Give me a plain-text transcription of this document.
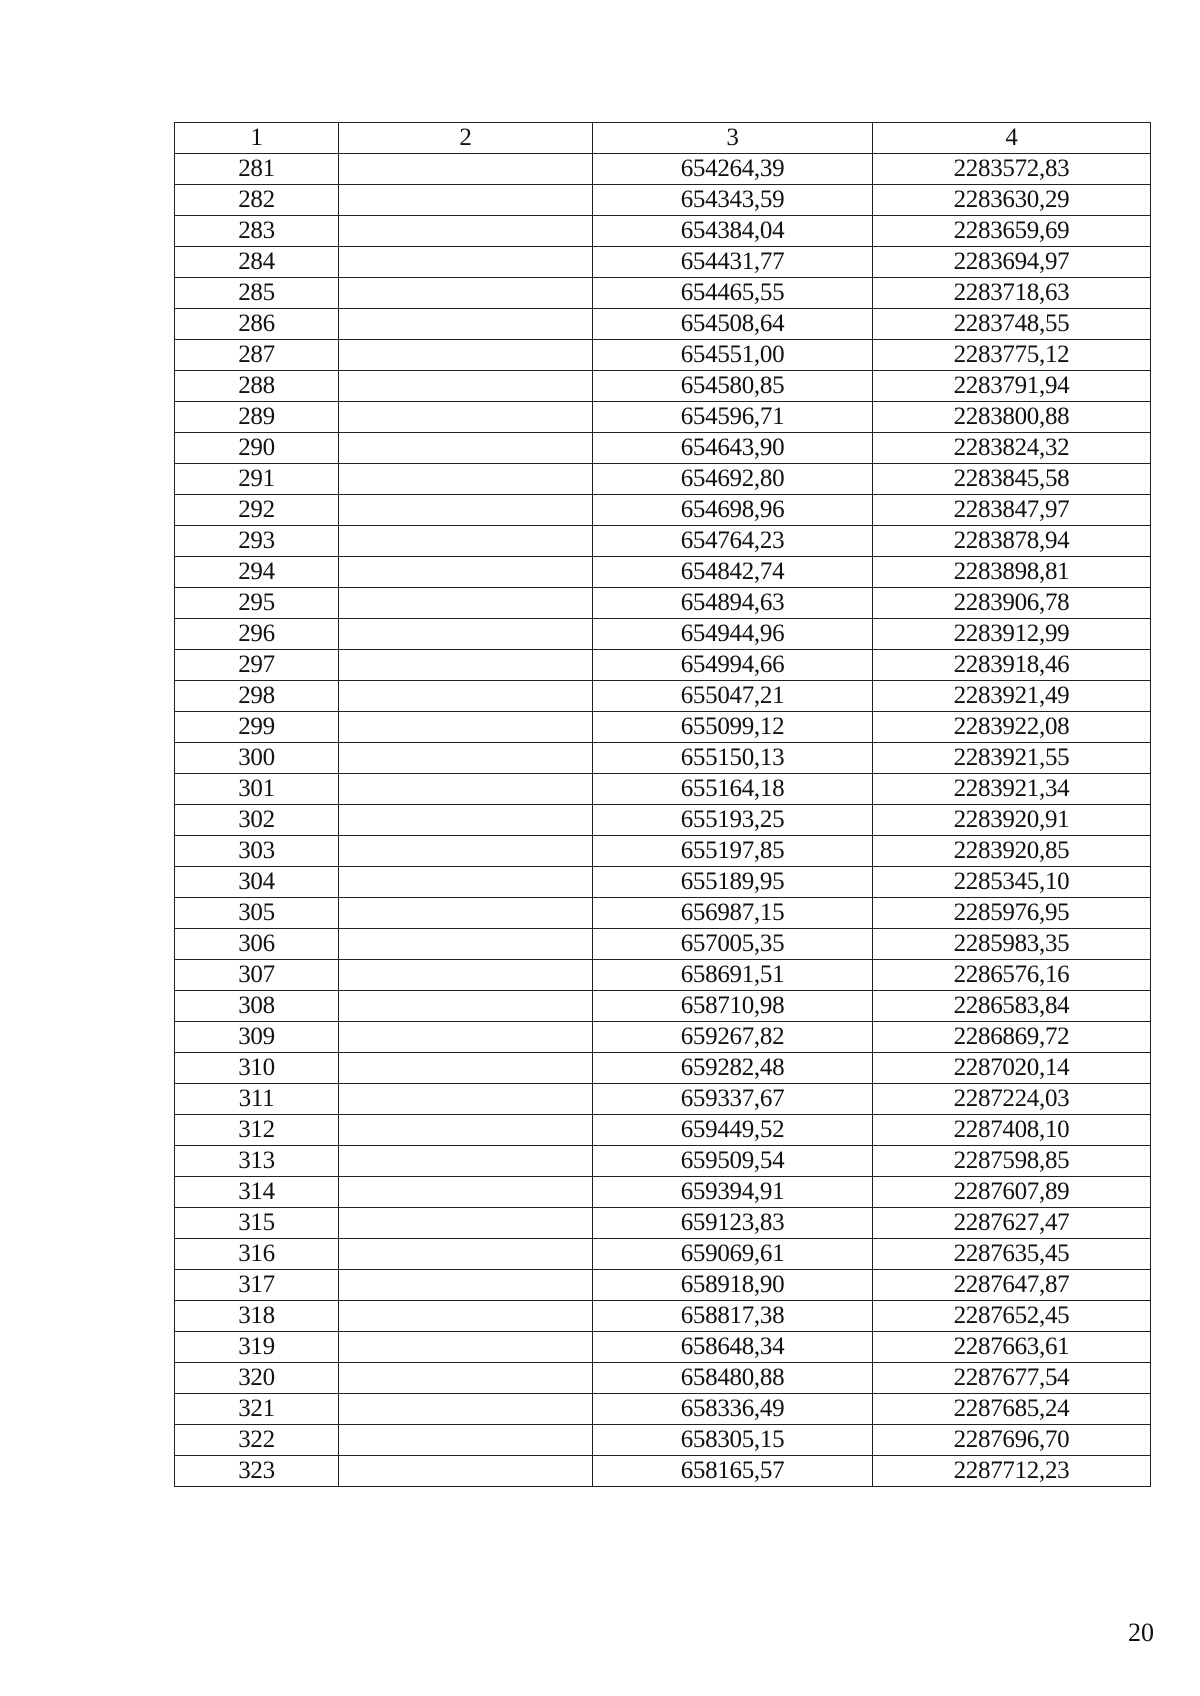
1	2	3	4
281		654264,39	2283572,83
282		654343,59	2283630,29
283		654384,04	2283659,69
284		654431,77	2283694,97
285		654465,55	2283718,63
286		654508,64	2283748,55
287		654551,00	2283775,12
288		654580,85	2283791,94
289		654596,71	2283800,88
290		654643,90	2283824,32
291		654692,80	2283845,58
292		654698,96	2283847,97
293		654764,23	2283878,94
294		654842,74	2283898,81
295		654894,63	2283906,78
296		654944,96	2283912,99
297		654994,66	2283918,46
298		655047,21	2283921,49
299		655099,12	2283922,08
300		655150,13	2283921,55
301		655164,18	2283921,34
302		655193,25	2283920,91
303		655197,85	2283920,85
304		655189,95	2285345,10
305		656987,15	2285976,95
306		657005,35	2285983,35
307		658691,51	2286576,16
308		658710,98	2286583,84
309		659267,82	2286869,72
310		659282,48	2287020,14
311		659337,67	2287224,03
312		659449,52	2287408,10
313		659509,54	2287598,85
314		659394,91	2287607,89
315		659123,83	2287627,47
316		659069,61	2287635,45
317		658918,90	2287647,87
318		658817,38	2287652,45
319		658648,34	2287663,61
320		658480,88	2287677,54
321		658336,49	2287685,24
322		658305,15	2287696,70
323		658165,57	2287712,23
20
